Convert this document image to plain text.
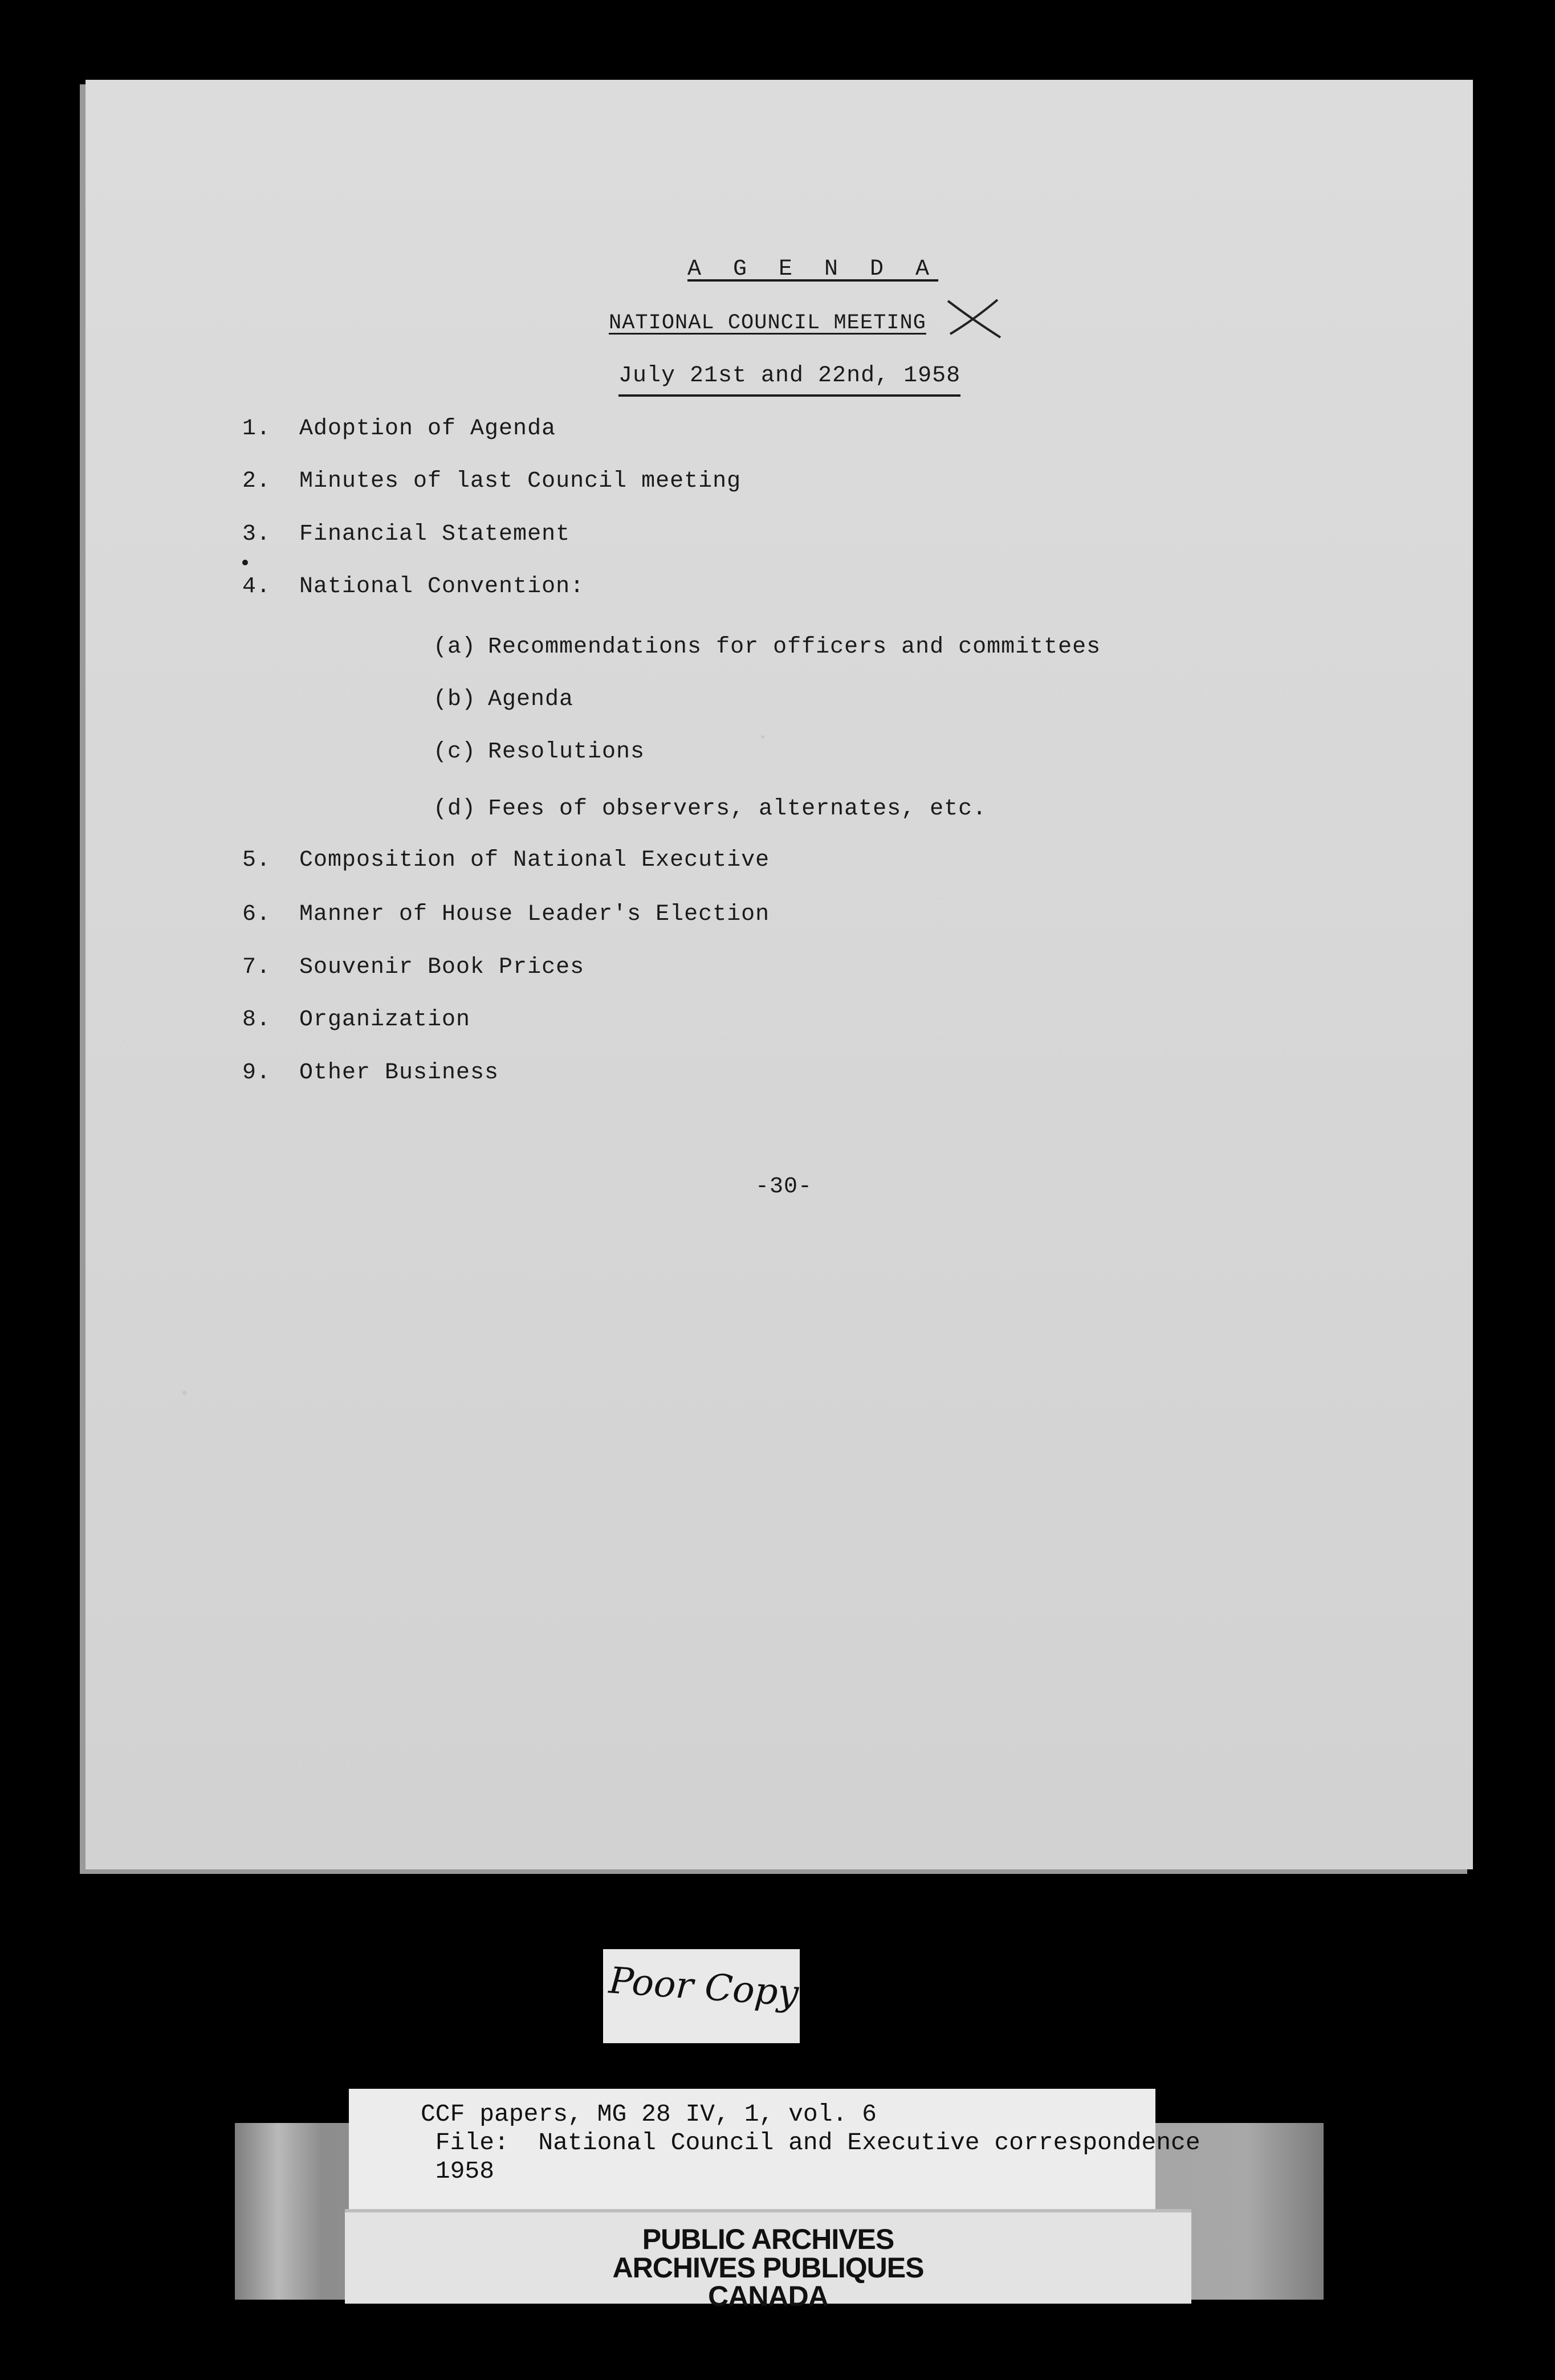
A G E N D A
NATIONAL COUNCIL MEETING
July 21st and 22nd, 1958
1. Adoption of Agenda
2. Minutes of last Council meeting
3. Financial Statement
4. National Convention:
(a) Recommendations for officers and committees
(b) Agenda
(c) Resolutions
(d) Fees of observers, alternates, etc.
5. Composition of National Executive
6. Manner of House Leader's Election
7. Souvenir Book Prices
8. Organization
9. Other Business
-30-
Poor Copy
CCF papers, MG 28 IV, 1, vol. 6
File:  National Council and Executive correspondence
1958
PUBLIC ARCHIVES
ARCHIVES PUBLIQUES
CANADA
